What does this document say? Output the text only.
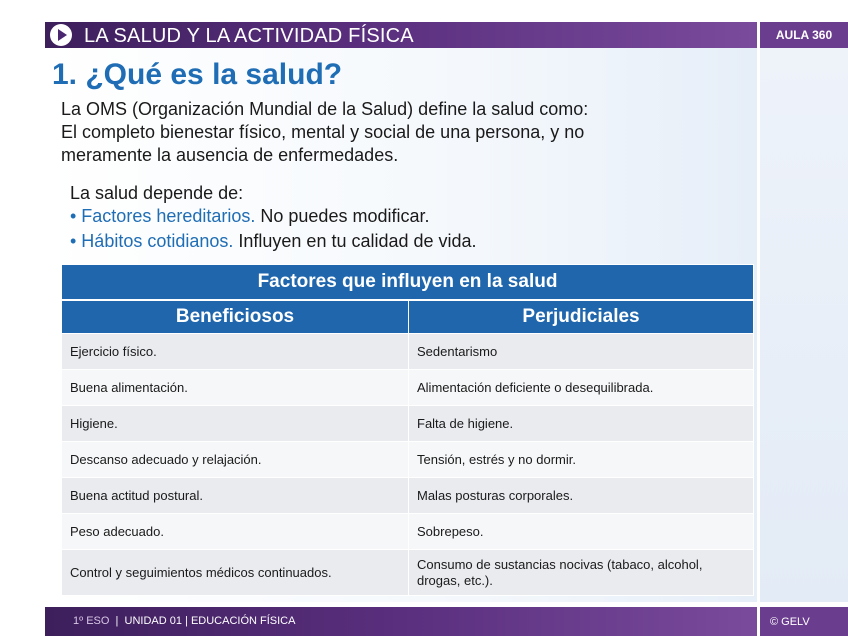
LA SALUD Y LA ACTIVIDAD FÍSICA	AULA 360
1. ¿Qué es la salud?
La OMS (Organización Mundial de la Salud) define la salud como:
El completo bienestar físico, mental y social de una persona, y no
meramente la ausencia de enfermedades.
La salud depende de:
• Factores hereditarios. No puedes modificar.
• Hábitos cotidianos. Influyen en tu calidad de vida.
Factores que influyen en la salud	
Beneficiosos	Perjudiciales
Ejercicio físico.	Sedentarismo
Buena alimentación.	Alimentación deficiente o desequilibrada.
Higiene.	Falta de higiene.
Descanso adecuado y relajación.	Tensión, estrés y no dormir.
Buena actitud postural.	Malas posturas corporales.
Peso adecuado.	Sobrepeso.
Control y seguimientos médicos continuados.	Consumo de sustancias nocivas (tabaco, alcohol, drogas, etc.).
1º ESO  |  UNIDAD 01 | EDUCACIÓN FÍSICA	© GELV
